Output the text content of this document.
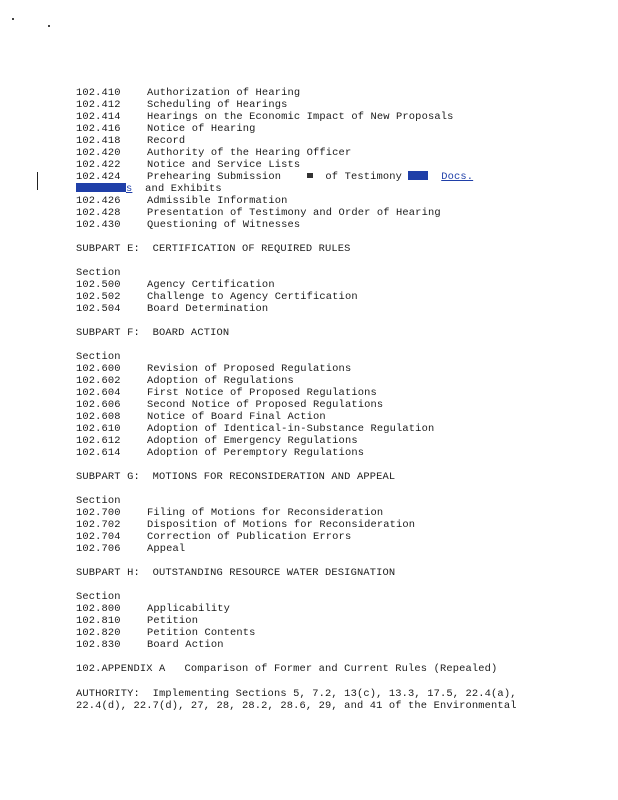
102.410	Authorization of Hearing
102.412	Scheduling of Hearings
102.414	Hearings on the Economic Impact of New Proposals
102.416	Notice of Hearing
102.418	Record
102.420	Authority of the Hearing Officer
102.422	Notice and Service Lists
102.424	Prehearing Submission	of Testimony	Docs.
s and Exhibits
102.426	Admissible Information
102.428	Presentation of Testimony and Order of Hearing
102.430	Questioning of Witnesses
SUBPART E:  CERTIFICATION OF REQUIRED RULES
Section
102.500	Agency Certification
102.502	Challenge to Agency Certification
102.504	Board Determination
SUBPART F:  BOARD ACTION
Section
102.600	Revision of Proposed Regulations
102.602	Adoption of Regulations
102.604	First Notice of Proposed Regulations
102.606	Second Notice of Proposed Regulations
102.608	Notice of Board Final Action
102.610	Adoption of Identical-in-Substance Regulation
102.612	Adoption of Emergency Regulations
102.614	Adoption of Peremptory Regulations
SUBPART G:  MOTIONS FOR RECONSIDERATION AND APPEAL
Section
102.700	Filing of Motions for Reconsideration
102.702	Disposition of Motions for Reconsideration
102.704	Correction of Publication Errors
102.706	Appeal
SUBPART H:  OUTSTANDING RESOURCE WATER DESIGNATION
Section
102.800	Applicability
102.810	Petition
102.820	Petition Contents
102.830	Board Action
102.APPENDIX A   Comparison of Former and Current Rules (Repealed)
AUTHORITY:  Implementing Sections 5, 7.2, 13(c), 13.3, 17.5, 22.4(a),
22.4(d), 22.7(d), 27, 28, 28.2, 28.6, 29, and 41 of the Environmental
